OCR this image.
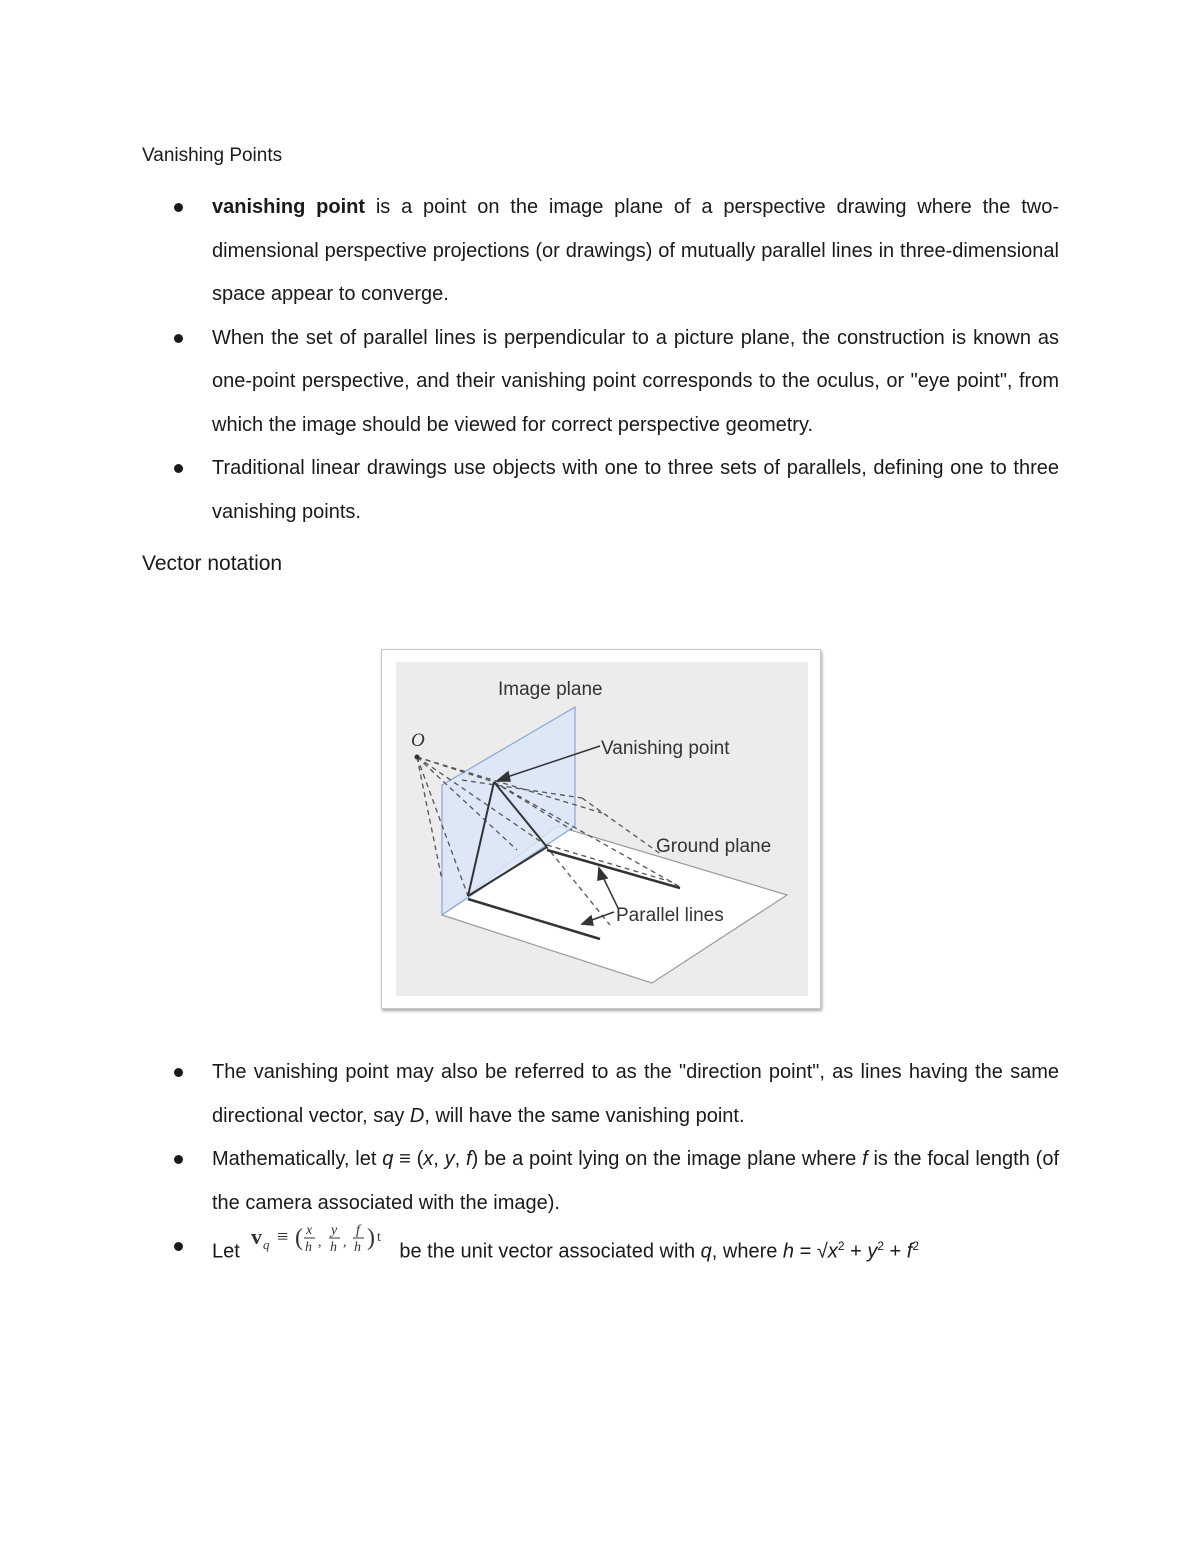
Vanishing Points
vanishing point is a point on the image plane of a perspective drawing where the two-dimensional perspective projections (or drawings) of mutually parallel lines in three-dimensional space appear to converge.
When the set of parallel lines is perpendicular to a picture plane, the construction is known as one-point perspective, and their vanishing point corresponds to the oculus, or "eye point", from which the image should be viewed for correct perspective geometry.
Traditional linear drawings use objects with one to three sets of parallels, defining one to three vanishing points.
Vector notation
Image plane
O	Vanishing point
Ground plane
Parallel lines
The vanishing point may also be referred to as the "direction point", as lines having the same directional vector, say D, will have the same vanishing point.
Mathematically, let q ≡ (x, y, f) be a point lying on the image plane where f is the focal length (of the camera associated with the image).
Let
v q ≡ ( x
h ,
y
h ,
f
h ) t
be the unit vector associated with q, where $h = √x^2 + y^2 + f^2$
